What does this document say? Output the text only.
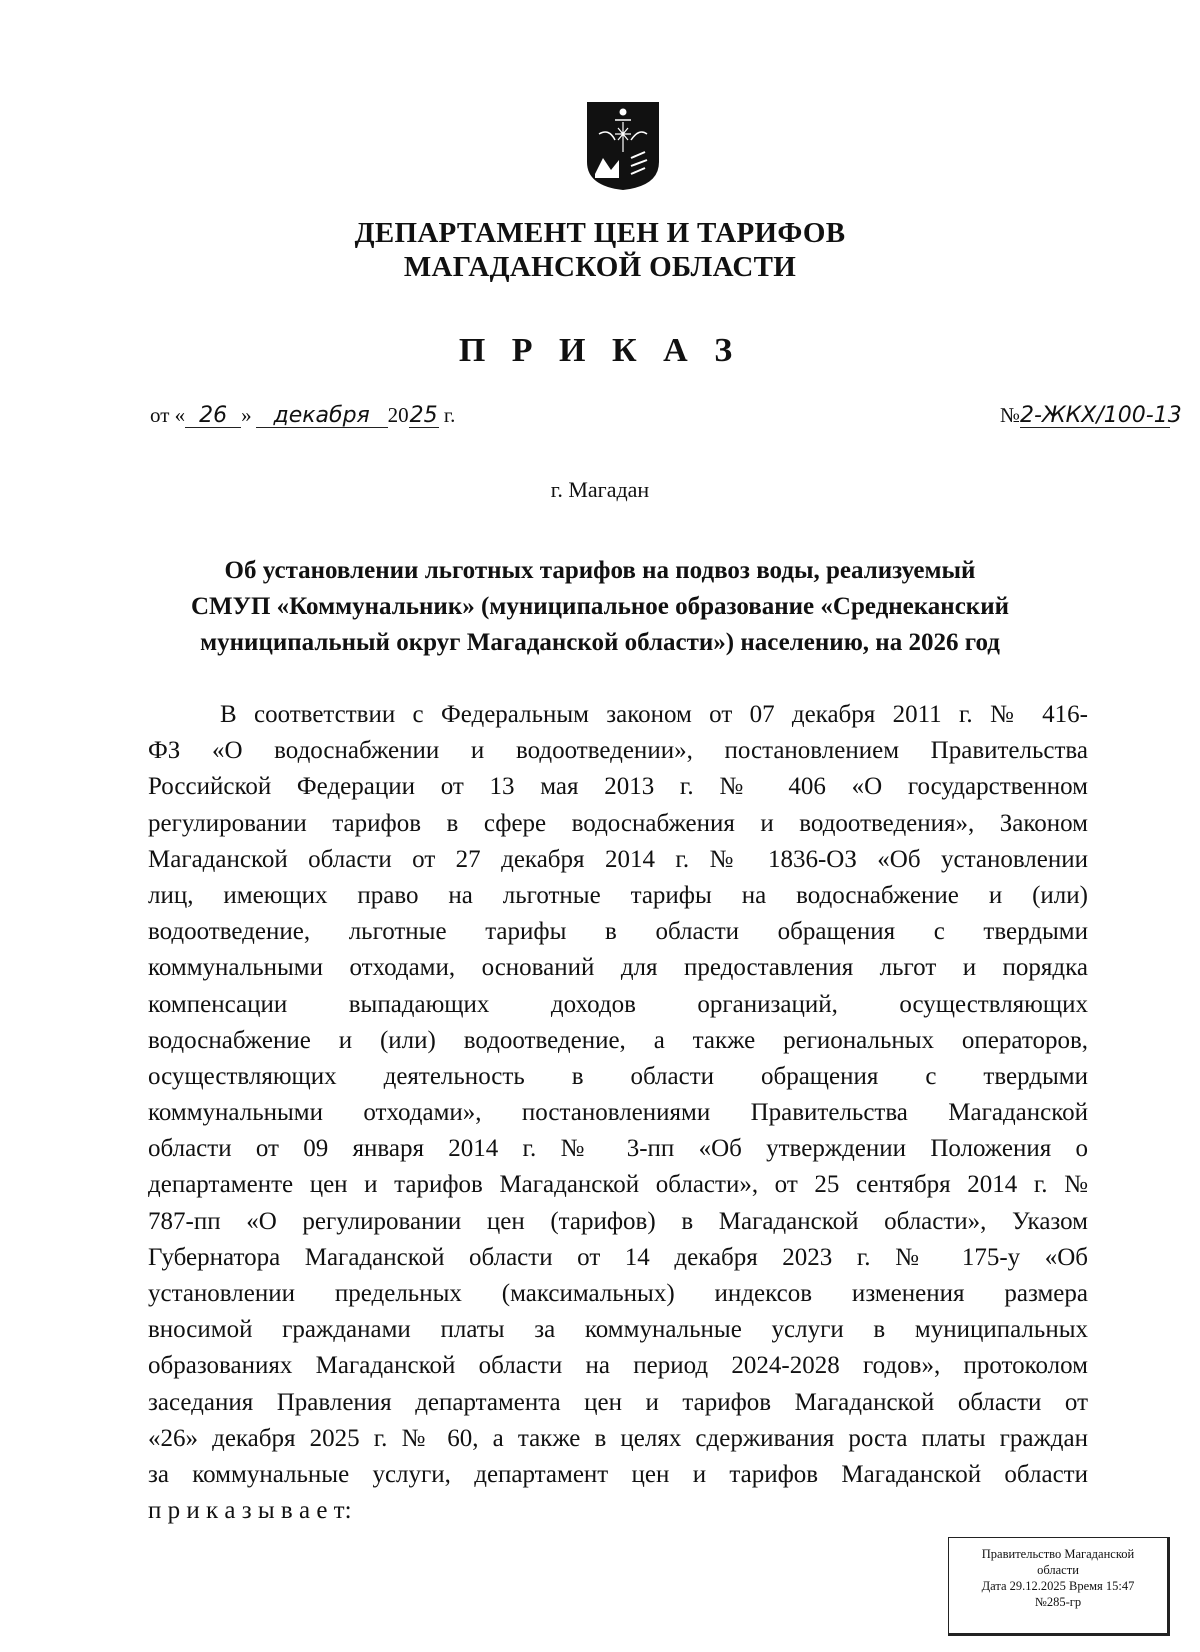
ДЕПАРТАМЕНТ ЦЕН И ТАРИФОВ
МАГАДАНСКОЙ ОБЛАСТИ
П Р И К А З
от « 26 » декабря 2025 г.	№2-ЖКХ/100-13
г. Магадан
Об установлении льготных тарифов на подвоз воды, реализуемый
СМУП «Коммунальник» (муниципальное образование «Среднеканский
муниципальный округ Магаданской области») населению, на 2026 год
В соответствии с Федеральным законом от 07 декабря 2011 г. № 416-
ФЗ «О водоснабжении и водоотведении», постановлением Правительства
Российской Федерации от 13 мая 2013 г. № 406 «О государственном
регулировании тарифов в сфере водоснабжения и водоотведения», Законом
Магаданской области от 27 декабря 2014 г. № 1836-ОЗ «Об установлении
лиц, имеющих право на льготные тарифы на водоснабжение и (или)
водоотведение, льготные тарифы в области обращения с твердыми
коммунальными отходами, оснований для предоставления льгот и порядка
компенсации выпадающих доходов организаций, осуществляющих
водоснабжение и (или) водоотведение, а также региональных операторов,
осуществляющих деятельность в области обращения с твердыми
коммунальными отходами», постановлениями Правительства Магаданской
области от 09 января 2014 г. № 3-пп «Об утверждении Положения о
департаменте цен и тарифов Магаданской области», от 25 сентября 2014 г. №
787-пп «О регулировании цен (тарифов) в Магаданской области», Указом
Губернатора Магаданской области от 14 декабря 2023 г. № 175-у «Об
установлении предельных (максимальных) индексов изменения размера
вносимой гражданами платы за коммунальные услуги в муниципальных
образованиях Магаданской области на период 2024-2028 годов», протоколом
заседания Правления департамента цен и тарифов Магаданской области от
«26» декабря 2025 г. № 60, а также в целях сдерживания роста платы граждан
за коммунальные услуги, департамент цен и тарифов Магаданской области
п р и к а з ы в а е т:
Правительство Магаданской
области
Дата 29.12.2025 Время 15:47
№285-гр
